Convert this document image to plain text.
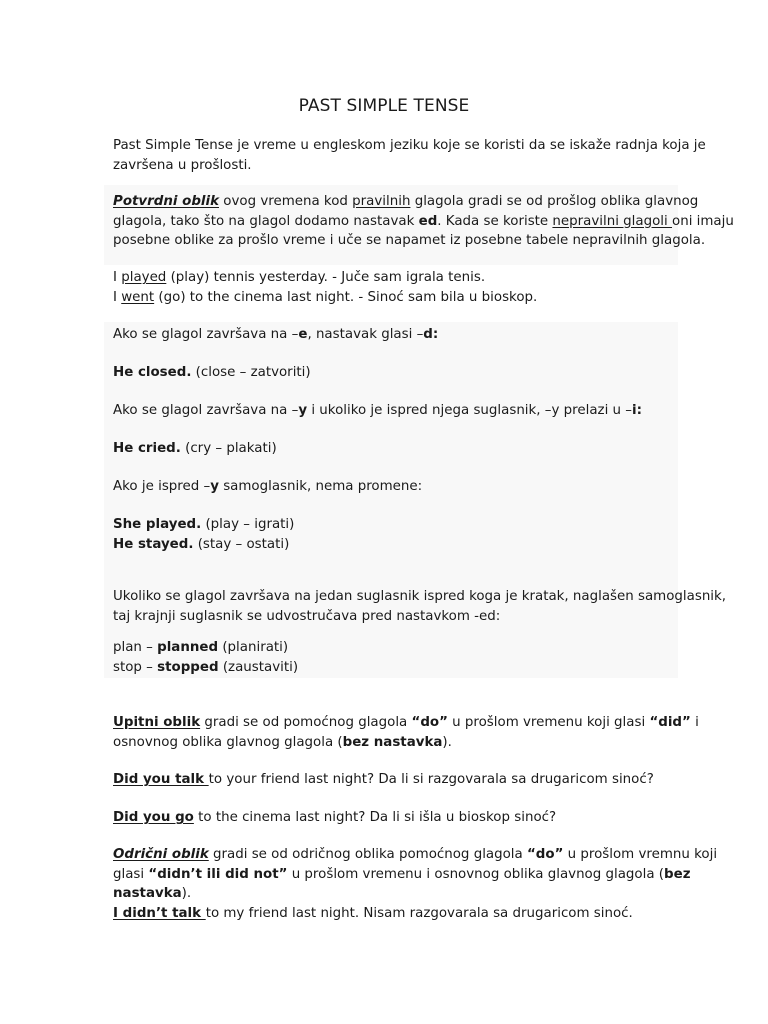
PAST SIMPLE TENSE
Past Simple Tense je vreme u engleskom jeziku koje se koristi da se iskaže radnja koja je
završena u prošlosti.
Potvrdni oblik ovog vremena kod pravilnih glagola gradi se od prošlog oblika glavnog
glagola, tako što na glagol dodamo nastavak ed. Kada se koriste nepravilni glagoli oni imaju
posebne oblike za prošlo vreme i uče se napamet iz posebne tabele nepravilnih glagola.
I played (play) tennis yesterday. - Juče sam igrala tenis.
I went (go) to the cinema last night. - Sinoć sam bila u bioskop.
Ako se glagol završava na –e, nastavak glasi –d:
He closed. (close – zatvoriti)
Ako se glagol završava na –y i ukoliko je ispred njega suglasnik, –y prelazi u –i:
He cried. (cry – plakati)
Ako je ispred –y samoglasnik, nema promene:
She played. (play – igrati)
He stayed. (stay – ostati)
Ukoliko se glagol završava na jedan suglasnik ispred koga je kratak, naglašen samoglasnik,
taj krajnji suglasnik se udvostručava pred nastavkom -ed:
plan – planned (planirati)
stop – stopped (zaustaviti)
Upitni oblik gradi se od pomoćnog glagola “do” u prošlom vremenu koji glasi “did” i
osnovnog oblika glavnog glagola (bez nastavka).
Did you talk to your friend last night? Da li si razgovarala sa drugaricom sinoć?
Did you go to the cinema last night? Da li si išla u bioskop sinoć?
Odrični oblik gradi se od odričnog oblika pomoćnog glagola “do” u prošlom vremnu koji
glasi “didn’t ili did not” u prošlom vremenu i osnovnog oblika glavnog glagola (bez
nastavka).
I didn’t talk to my friend last night. Nisam razgovarala sa drugaricom sinoć.
